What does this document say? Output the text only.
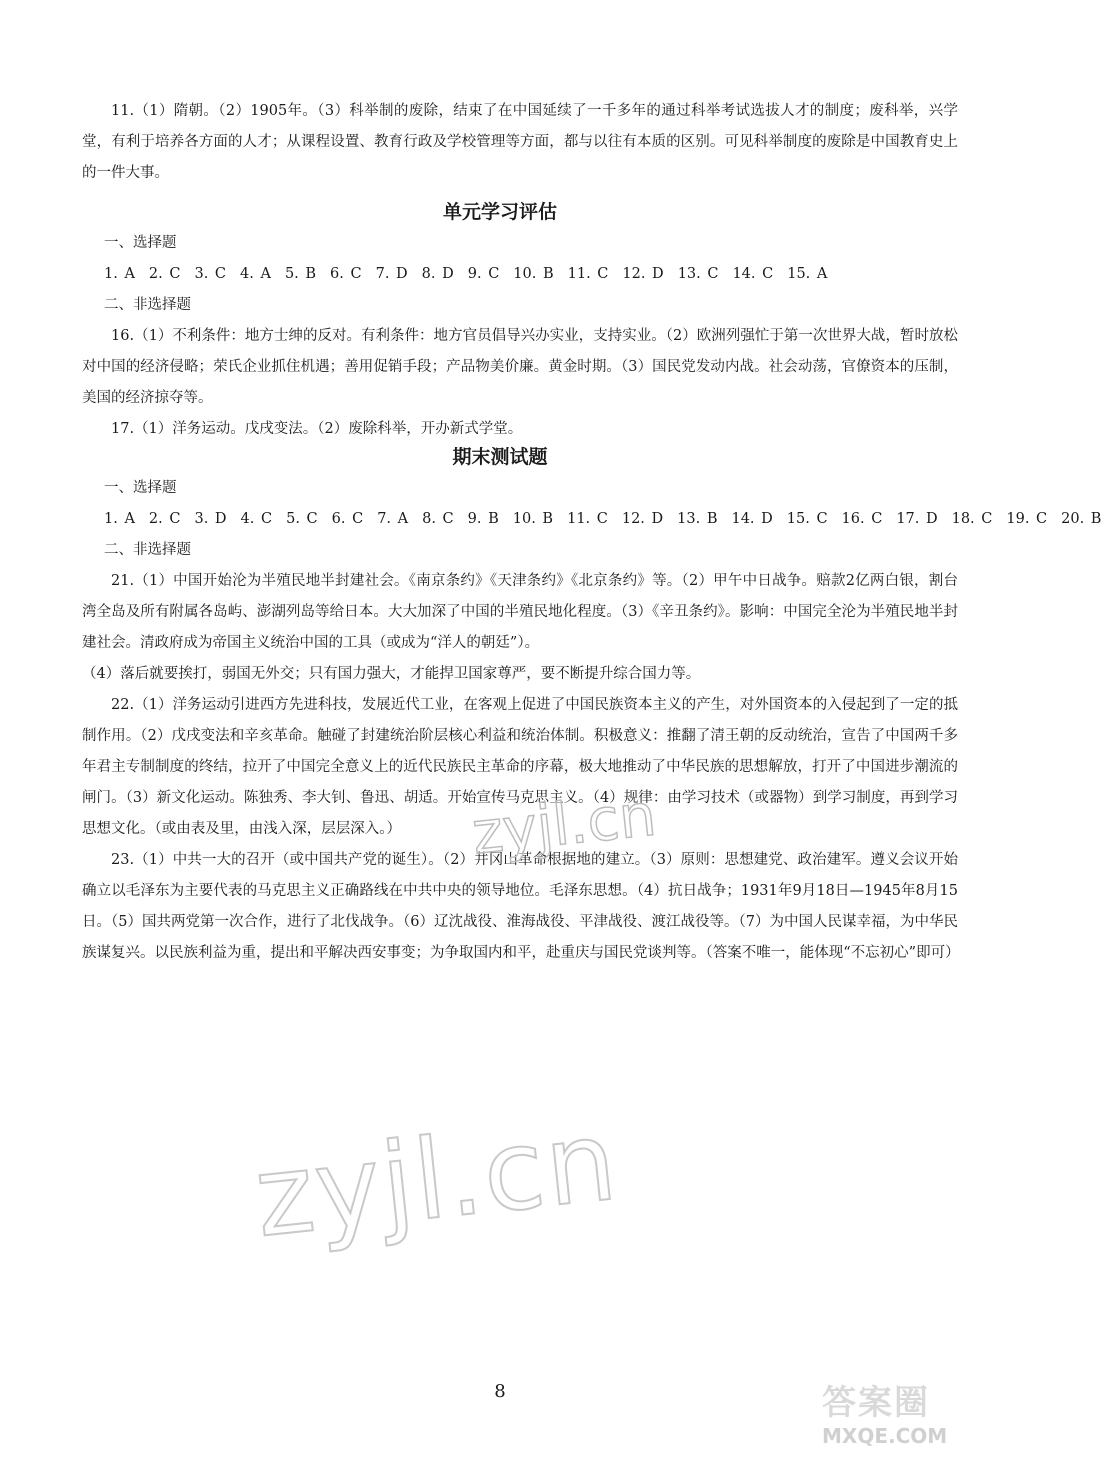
11.（1）隋朝。（2）1905年。（3）科举制的废除，结束了在中国延续了一千多年的通过科举考试选拔人才的制度；废科举，兴学堂，有利于培养各方面的人才；从课程设置、教育行政及学校管理等方面，都与以往有本质的区别。可见科举制度的废除是中国教育史上的一件大事。

单元学习评估

一、选择题

1. A 2. C 3. C 4. A 5. B 6. C 7. D 8. D 9. C 10. B 11. C 12. D 13. C 14. C 15. A

二、非选择题

16.（1）不利条件：地方士绅的反对。有利条件：地方官员倡导兴办实业，支持实业。（2）欧洲列强忙于第一次世界大战，暂时放松对中国的经济侵略；荣氏企业抓住机遇；善用促销手段；产品物美价廉。黄金时期。（3）国民党发动内战。社会动荡，官僚资本的压制，美国的经济掠夺等。

17.（1）洋务运动。戊戌变法。（2）废除科举，开办新式学堂。

期末测试题

一、选择题

1. A 2. C 3. D 4. C 5. C 6. C 7. A 8. C 9. B 10. B 11. C 12. D 13. B 14. D 15. C 16. C 17. D 18. C 19. C 20. B

二、非选择题

21.（1）中国开始沦为半殖民地半封建社会。《南京条约》《天津条约》《北京条约》等。（2）甲午中日战争。赔款2亿两白银，割台湾全岛及所有附属各岛屿、澎湖列岛等给日本。大大加深了中国的半殖民地化程度。（3）《辛丑条约》。影响：中国完全沦为半殖民地半封建社会。清政府成为帝国主义统治中国的工具（或成为“洋人的朝廷”）。

（4）落后就要挨打，弱国无外交；只有国力强大，才能捍卫国家尊严，要不断提升综合国力等。

22.（1）洋务运动引进西方先进科技，发展近代工业，在客观上促进了中国民族资本主义的产生，对外国资本的入侵起到了一定的抵制作用。（2）戊戌变法和辛亥革命。触碰了封建统治阶层核心利益和统治体制。积极意义：推翻了清王朝的反动统治，宣告了中国两千多年君主专制制度的终结，拉开了中国完全意义上的近代民族民主革命的序幕，极大地推动了中华民族的思想解放，打开了中国进步潮流的闸门。（3）新文化运动。陈独秀、李大钊、鲁迅、胡适。开始宣传马克思主义。（4）规律：由学习技术（或器物）到学习制度，再到学习思想文化。（或由表及里，由浅入深，层层深入。）

23.（1）中共一大的召开（或中国共产党的诞生）。（2）井冈山革命根据地的建立。（3）原则：思想建党、政治建军。遵义会议开始确立以毛泽东为主要代表的马克思主义正确路线在中共中央的领导地位。毛泽东思想。（4）抗日战争；1931年9月18日—1945年8月15日。（5）国共两党第一次合作，进行了北伐战争。（6）辽沈战役、淮海战役、平津战役、渡江战役等。（7）为中国人民谋幸福，为中华民族谋复兴。以民族利益为重，提出和平解决西安事变；为争取国内和平，赴重庆与国民党谈判等。（答案不唯一，能体现“不忘初心”即可）

zyjl.cn
zyjl.cn
8	答案圈
MXQE.COM
